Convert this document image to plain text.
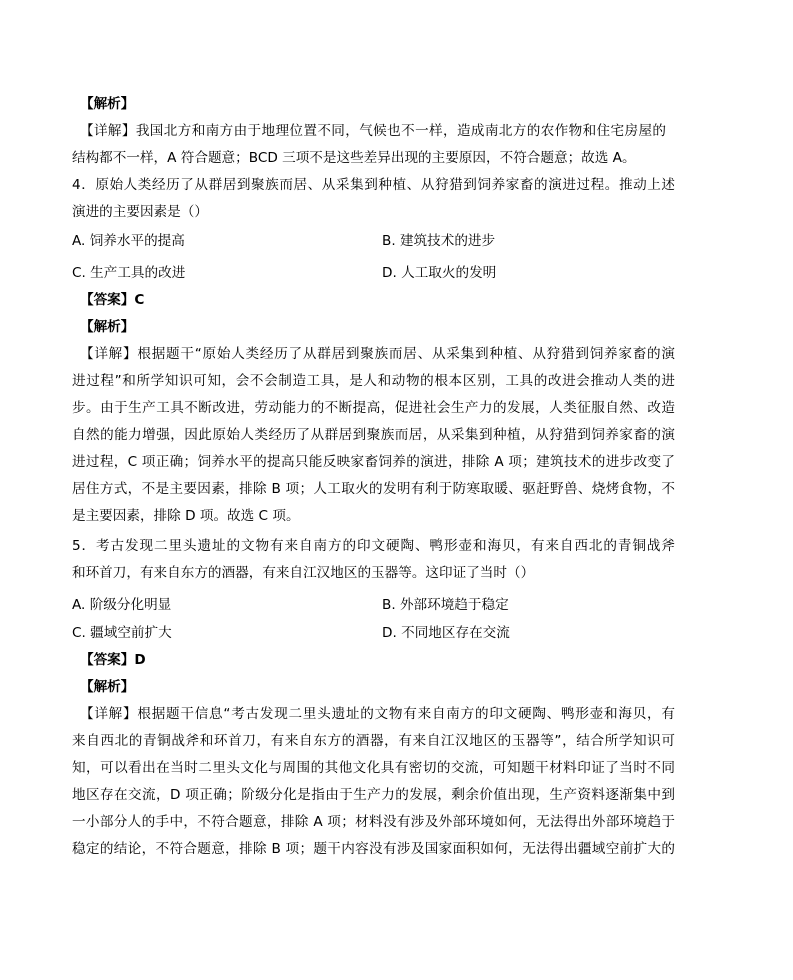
【解析】
【详解】我国北方和南方由于地理位置不同，气候也不一样，造成南北方的农作物和住宅房屋的
结构都不一样，A 符合题意；BCD 三项不是这些差异出现的主要原因，不符合题意；故选 A。
4．原始人类经历了从群居到聚族而居、从采集到种植、从狩猎到饲养家畜的演进过程。推动上述
演进的主要因素是（）
A. 饲养水平的提高	B. 建筑技术的进步
C. 生产工具的改进	D. 人工取火的发明
【答案】C
【解析】
【详解】根据题干“原始人类经历了从群居到聚族而居、从采集到种植、从狩猎到饲养家畜的演
进过程”和所学知识可知，会不会制造工具，是人和动物的根本区别，工具的改进会推动人类的进
步。由于生产工具不断改进，劳动能力的不断提高，促进社会生产力的发展，人类征服自然、改造
自然的能力增强，因此原始人类经历了从群居到聚族而居，从采集到种植，从狩猎到饲养家畜的演
进过程，C 项正确；饲养水平的提高只能反映家畜饲养的演进，排除 A 项；建筑技术的进步改变了
居住方式，不是主要因素，排除 B 项；人工取火的发明有利于防寒取暖、驱赶野兽、烧烤食物，不
是主要因素，排除 D 项。故选 C 项。
5．考古发现二里头遗址的文物有来自南方的印文硬陶、鸭形壶和海贝，有来自西北的青铜战斧
和环首刀，有来自东方的酒器，有来自江汉地区的玉器等。这印证了当时（）
A. 阶级分化明显	B. 外部环境趋于稳定
C. 疆域空前扩大	D. 不同地区存在交流
【答案】D
【解析】
【详解】根据题干信息“考古发现二里头遗址的文物有来自南方的印文硬陶、鸭形壶和海贝，有
来自西北的青铜战斧和环首刀，有来自东方的酒器，有来自江汉地区的玉器等”，结合所学知识可
知，可以看出在当时二里头文化与周围的其他文化具有密切的交流，可知题干材料印证了当时不同
地区存在交流，D 项正确；阶级分化是指由于生产力的发展，剩余价值出现，生产资料逐渐集中到
一小部分人的手中，不符合题意，排除 A 项；材料没有涉及外部环境如何，无法得出外部环境趋于
稳定的结论，不符合题意，排除 B 项；题干内容没有涉及国家面积如何，无法得出疆域空前扩大的
